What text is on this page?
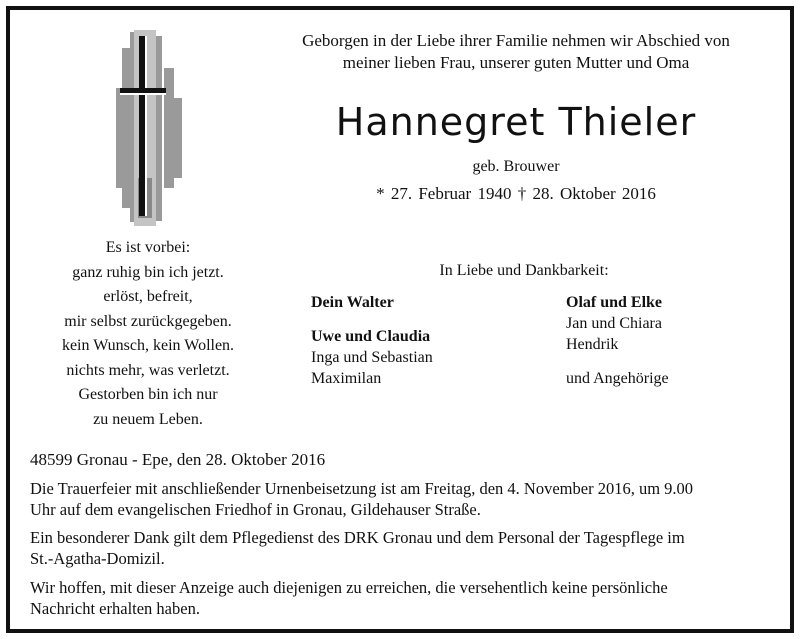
Geborgen in der Liebe ihrer Familie nehmen wir Abschied von
meiner lieben Frau, unserer guten Mutter und Oma
Hannegret Thieler
geb. Brouwer
* 27. Februar 1940 † 28. Oktober 2016
Es ist vorbei:
ganz ruhig bin ich jetzt.
erlöst, befreit,
mir selbst zurückgegeben.
kein Wunsch, kein Wollen.
nichts mehr, was verletzt.
Gestorben bin ich nur
zu neuem Leben.
In Liebe und Dankbarkeit:
Dein Walter
Uwe und Claudia
Inga und Sebastian
Maximilan
Olaf und Elke
Jan und Chiara
Hendrik
und Angehörige
48599 Gronau - Epe, den 28. Oktober 2016
Die Trauerfeier mit anschließender Urnenbeisetzung ist am Freitag, den 4. November 2016, um 9.00
Uhr auf dem evangelischen Friedhof in Gronau, Gildehauser Straße.
Ein besonderer Dank gilt dem Pflegedienst des DRK Gronau und dem Personal der Tagespflege im
St.-Agatha-Domizil.
Wir hoffen, mit dieser Anzeige auch diejenigen zu erreichen, die versehentlich keine persönliche
Nachricht erhalten haben.
